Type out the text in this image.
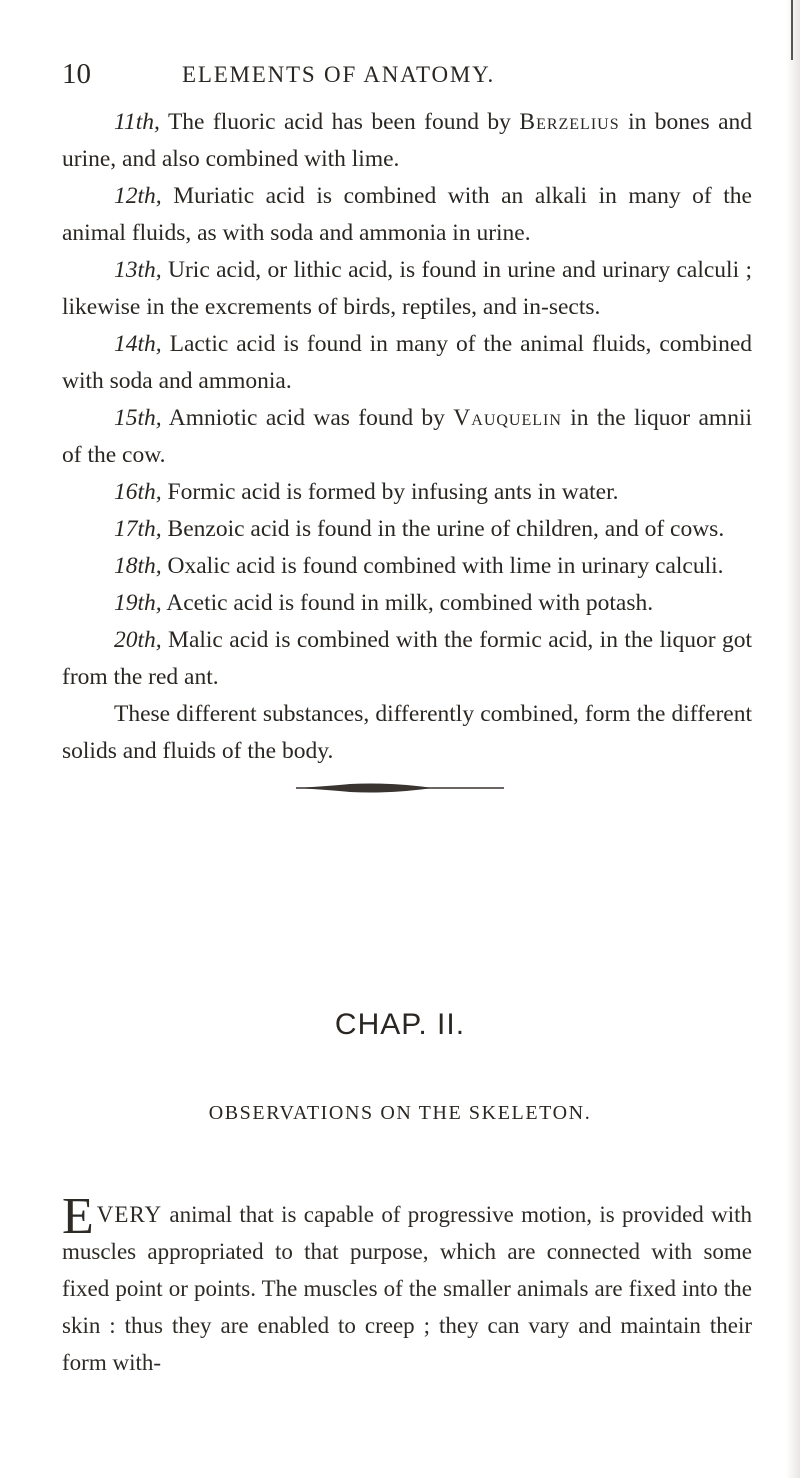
10	ELEMENTS OF ANATOMY.

11th, The fluoric acid has been found by Berzelius in bones and urine, and also combined with lime.

12th, Muriatic acid is combined with an alkali in many of the animal fluids, as with soda and ammonia in urine.

13th, Uric acid, or lithic acid, is found in urine and urinary calculi ; likewise in the excrements of birds, reptiles, and in-sects.

14th, Lactic acid is found in many of the animal fluids, combined with soda and ammonia.

15th, Amniotic acid was found by Vauquelin in the liquor amnii of the cow.

16th, Formic acid is formed by infusing ants in water.

17th, Benzoic acid is found in the urine of children, and of cows.

18th, Oxalic acid is found combined with lime in urinary calculi.

19th, Acetic acid is found in milk, combined with potash.

20th, Malic acid is combined with the formic acid, in the liquor got from the red ant.

These different substances, differently combined, form the different solids and fluids of the body.

CHAP. II.
OBSERVATIONS ON THE SKELETON.

EVERY animal that is capable of progressive motion, is provided with muscles appropriated to that purpose, which are connected with some fixed point or points. The muscles of the smaller animals are fixed into the skin : thus they are enabled to creep ; they can vary and maintain their form with-
